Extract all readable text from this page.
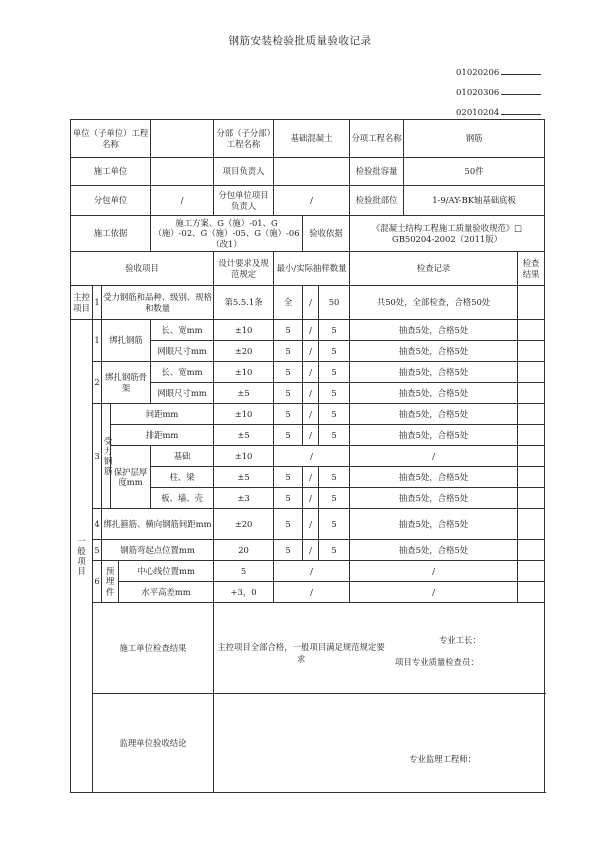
钢筋安装检验批质量验收记录
01020206
01020306
02010204
单位（子单位）工程名称						分部（子分部）工程名称	基础混凝土			分项工程名称	钢筋	
施工单位						项目负责人				检验批容量	50件	
分包单位					/	分包单位项目负责人	/			检验批部位	1-9/AY-BK轴基础底板	
施工依据					施工方案、G（施）-01、G（施）-02、G（施）-05、G（施）-06（改1）			验收依据		《混凝土结构工程施工质量验收规范》□ GB50204-2002（2011版）		
验收项目						设计要求及规范规定	最小/实际抽样数量			检查记录		检查结果
主控项目	1	受力钢筋和品种、级别、规格和数量				第5.5.1条	全	/	50	共50处，全部检查，合格50处		
一般项目	1	绑扎钢筋			长、宽mm	±10	5	/	5	抽查5处，合格5处		
					网眼尺寸mm	±20	5	/	5	抽查5处，合格5处		
	2	绑扎钢筋骨架			长、宽mm	±10	5	/	5	抽查5处，合格5处		
					网眼尺寸mm	±5	5	/	5	抽查5处，合格5处		
	3	受力钢筋	间距mm			±10	5	/	5	抽查5处，合格5处		
			排距mm			±5	5	/	5	抽查5处，合格5处		
			保护层厚度mm		基础	±10	/			/		
					柱、梁	±5	5	/	5	抽查5处，合格5处		
					板、墙、壳	±3	5	/	5	抽查5处，合格5处		
	4	绑扎箍筋、横向钢筋间距mm				±20	5	/	5	抽查5处，合格5处		
	5	钢筋弯起点位置mm				20	5	/	5	抽查5处，合格5处		
	6	预埋件		中心线位置mm		5	/			/		
				水平高差mm		+3，0	/			/		
	施工单位检查结果					主控项目全部合格，一般项目满足规范规定要求
专业工长：
项目专业质量检查员：						

	监理单位验收结论					专业监理工程师：						
